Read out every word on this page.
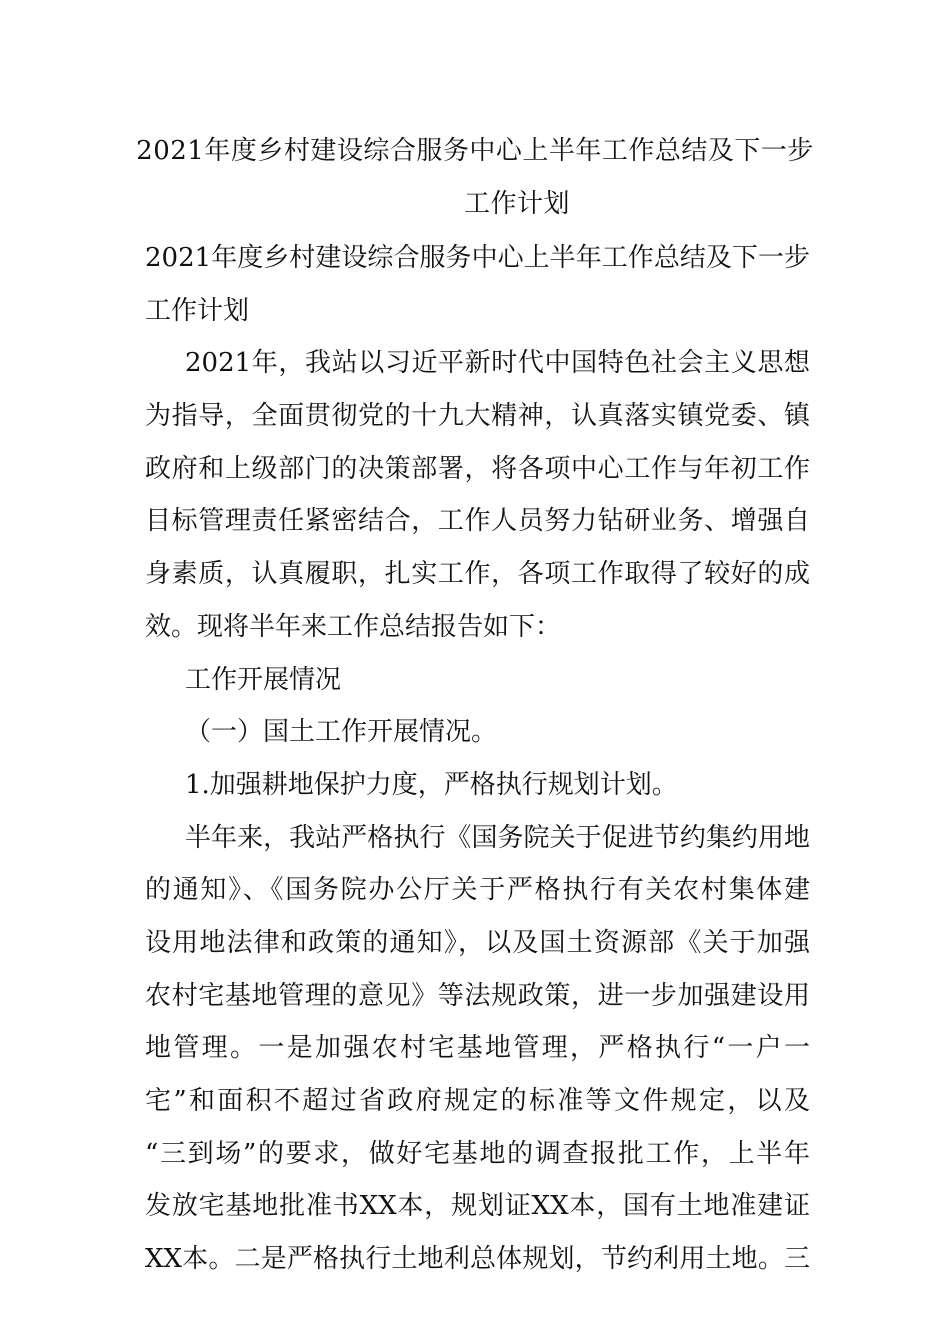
2021年度乡村建设综合服务中心上半年工作总结及下一步
工作计划
2021年度乡村建设综合服务中心上半年工作总结及下一步
工作计划
2021年，我站以习近平新时代中国特色社会主义思想
为指导，全面贯彻党的十九大精神，认真落实镇党委、镇
政府和上级部门的决策部署，将各项中心工作与年初工作
目标管理责任紧密结合，工作人员努力钻研业务、增强自
身素质，认真履职，扎实工作，各项工作取得了较好的成
效。现将半年来工作总结报告如下：
工作开展情况
（一）国土工作开展情况。
1.加强耕地保护力度，严格执行规划计划。
半年来，我站严格执行《国务院关于促进节约集约用地
的通知》、《国务院办公厅关于严格执行有关农村集体建
设用地法律和政策的通知》，以及国土资源部《关于加强
农村宅基地管理的意见》等法规政策，进一步加强建设用
地管理。一是加强农村宅基地管理，严格执行“一户一
宅”和面积不超过省政府规定的标准等文件规定，以及
“三到场”的要求，做好宅基地的调查报批工作，上半年
发放宅基地批准书XX本，规划证XX本，国有土地准建证
XX本。二是严格执行土地利总体规划，节约利用土地。三
